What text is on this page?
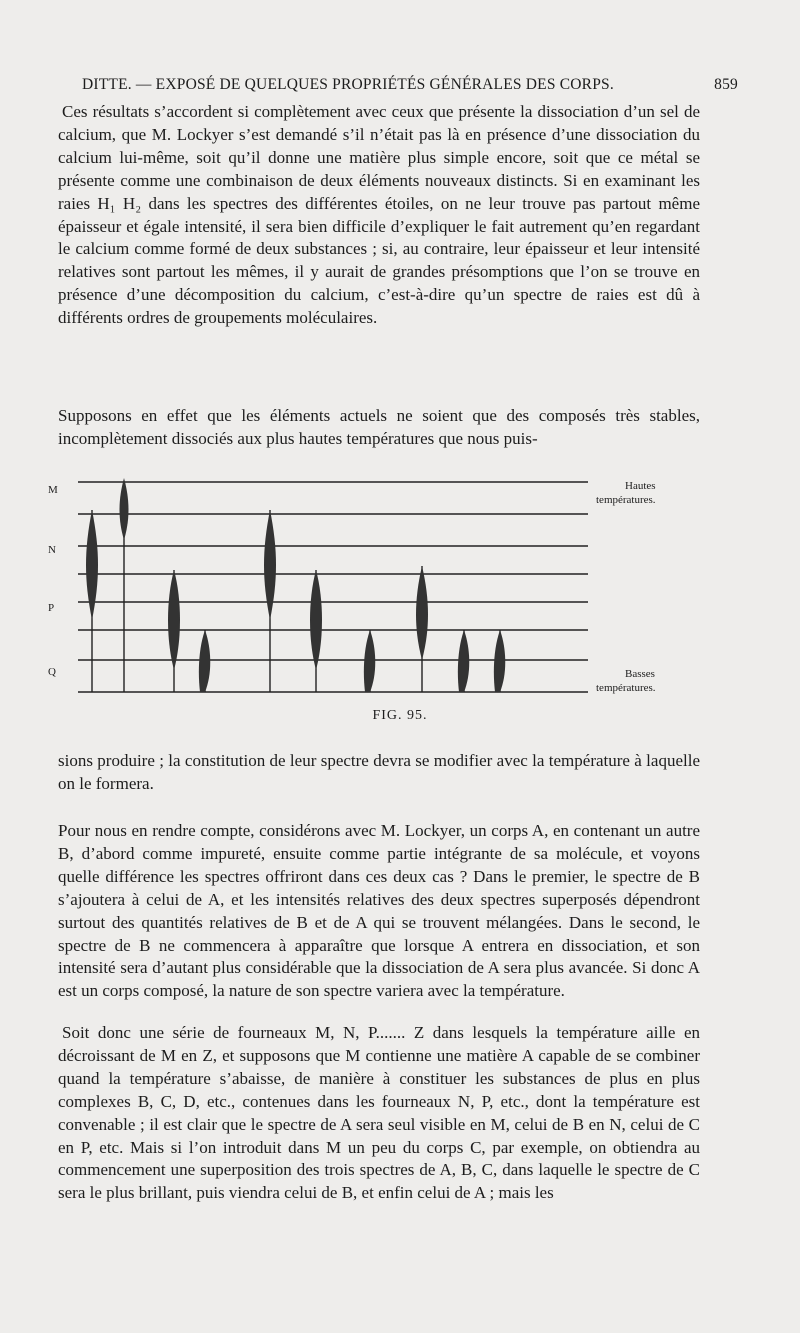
DITTE. — EXPOSÉ DE QUELQUES PROPRIÉTÉS GÉNÉRALES DES CORPS.	859

Ces résultats s’accordent si complètement avec ceux que présente la dissociation d’un sel de calcium, que M. Lockyer s’est demandé s’il n’était pas là en présence d’une dissociation du calcium lui-même, soit qu’il donne une matière plus simple encore, soit que ce métal se présente comme une combinaison de deux éléments nouveaux distincts. Si en examinant les raies H₁ H₂ dans les spectres des différentes étoiles, on ne leur trouve pas partout même épaisseur et égale intensité, il sera bien difficile d’expliquer le fait autrement qu’en regardant le calcium comme formé de deux substances ; si, au contraire, leur épaisseur et leur intensité relatives sont partout les mêmes, il y aurait de grandes présomptions que l’on se trouve en présence d’une décomposition du calcium, c’est-à-dire qu’un spectre de raies est dû à différents ordres de groupements moléculaires.

Supposons en effet que les éléments actuels ne soient que des composés très stables, incomplètement dissociés aux plus hautes températures que nous puis-

M
N
P
Q
Hautes
températures.
Basses
températures.
FIG. 95.

sions produire ; la constitution de leur spectre devra se modifier avec la température à laquelle on le formera.

Pour nous en rendre compte, considérons avec M. Lockyer, un corps A, en contenant un autre B, d’abord comme impureté, ensuite comme partie intégrante de sa molécule, et voyons quelle différence les spectres offriront dans ces deux cas ? Dans le premier, le spectre de B s’ajoutera à celui de A, et les intensités relatives des deux spectres superposés dépendront surtout des quantités relatives de B et de A qui se trouvent mélangées. Dans le second, le spectre de B ne commencera à apparaître que lorsque A entrera en dissociation, et son intensité sera d’autant plus considérable que la dissociation de A sera plus avancée. Si donc A est un corps composé, la nature de son spectre variera avec la température.

Soit donc une série de fourneaux M, N, P....... Z dans lesquels la température aille en décroissant de M en Z, et supposons que M contienne une matière A capable de se combiner quand la température s’abaisse, de manière à constituer les substances de plus en plus complexes B, C, D, etc., contenues dans les fourneaux N, P, etc., dont la température est convenable ; il est clair que le spectre de A sera seul visible en M, celui de B en N, celui de C en P, etc. Mais si l’on introduit dans M un peu du corps C, par exemple, on obtiendra au commencement une superposition des trois spectres de A, B, C, dans laquelle le spectre de C sera le plus brillant, puis viendra celui de B, et enfin celui de A ; mais les
